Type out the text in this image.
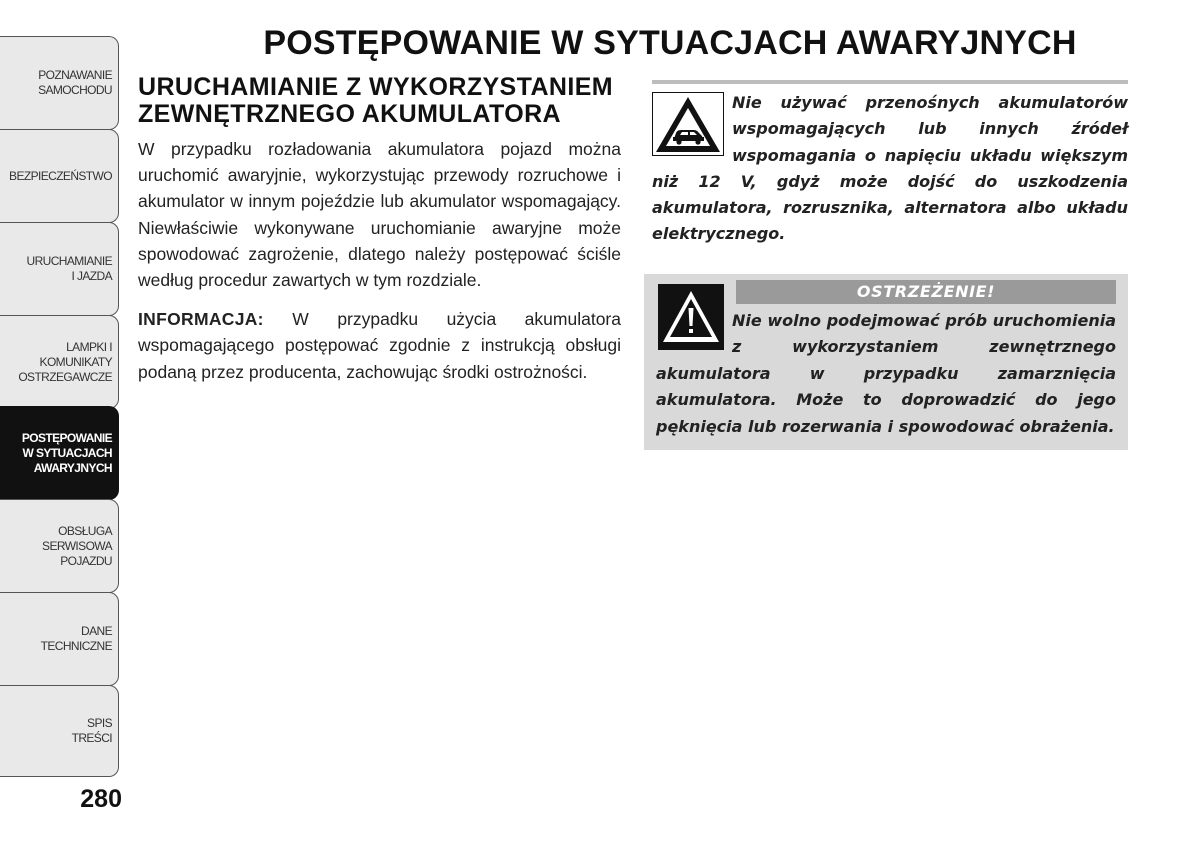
POZNAWANIE
SAMOCHODU
BEZPIECZEŃSTWO
URUCHAMIANIE
I JAZDA
LAMPKI I
KOMUNIKATY
OSTRZEGAWCZE
POSTĘPOWANIE
W SYTUACJACH
AWARYJNYCH
OBSŁUGA
SERWISOWA
POJAZDU
DANE
TECHNICZNE
SPIS
TREŚCI
280
POSTĘPOWANIE W SYTUACJACH AWARYJNYCH
URUCHAMIANIE Z WYKORZYSTANIEM ZEWNĘTRZNEGO AKUMULATORA

W przypadku rozładowania akumulatora pojazd można uruchomić awaryjnie, wykorzystując przewody rozruchowe i akumulator w innym pojeździe lub akumulator wspomagający. Niewłaściwie wykonywane uruchomianie awaryjne może spowodować zagrożenie, dlatego należy postępować ściśle według procedur zawartych w tym rozdziale.

INFORMACJA: W przypadku użycia akumulatora wspomagającego postępować zgodnie z instrukcją obsługi podaną przez producenta, zachowując środki ostrożności.

Nie używać przenośnych akumulatorów wspomagających lub innych źródeł wspomagania o napięciu układu większym niż 12 V, gdyż może dojść do uszkodzenia akumulatora, rozrusznika, alternatora albo układu elektrycznego.

OSTRZEŻENIE!

Nie wolno podejmować prób uruchomienia z wykorzystaniem zewnętrznego akumulatora w przypadku zamarznięcia akumulatora. Może to doprowadzić do jego pęknięcia lub rozerwania i spowodować obrażenia.
